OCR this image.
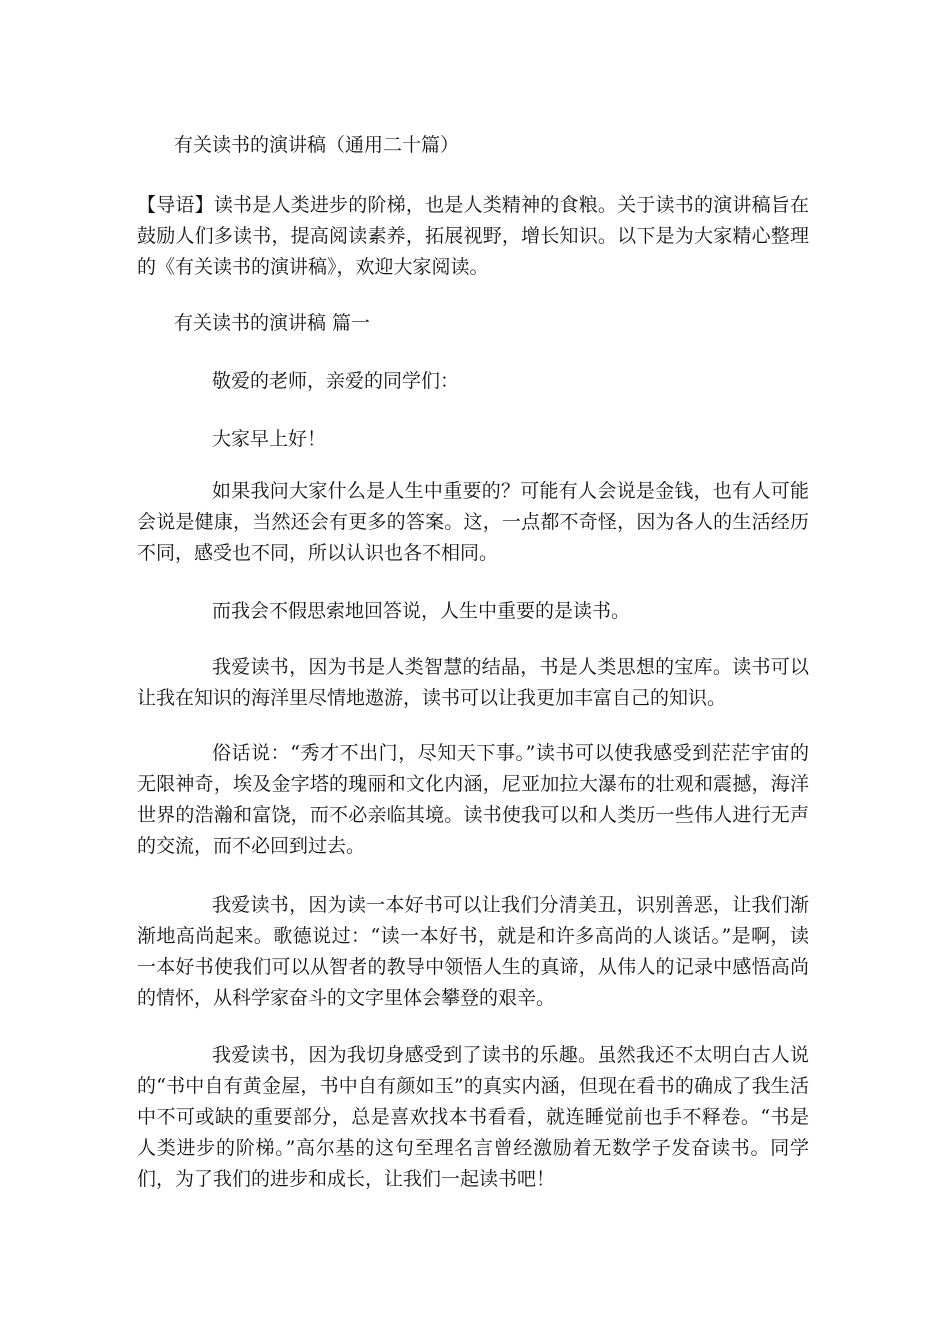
有关读书的演讲稿（通用二十篇）

【导语】读书是人类进步的阶梯，也是人类精神的食粮。关于读书的演讲稿旨在鼓励人们多读书，提高阅读素养，拓展视野，增长知识。以下是为大家精心整理的《有关读书的演讲稿》，欢迎大家阅读。

有关读书的演讲稿 篇一

敬爱的老师，亲爱的同学们：

大家早上好！

如果我问大家什么是人生中重要的？可能有人会说是金钱，也有人可能会说是健康，当然还会有更多的答案。这，一点都不奇怪，因为各人的生活经历不同，感受也不同，所以认识也各不相同。

而我会不假思索地回答说，人生中重要的是读书。

我爱读书，因为书是人类智慧的结晶，书是人类思想的宝库。读书可以让我在知识的海洋里尽情地遨游，读书可以让我更加丰富自己的知识。

俗话说：“秀才不出门，尽知天下事。”读书可以使我感受到茫茫宇宙的无限神奇，埃及金字塔的瑰丽和文化内涵，尼亚加拉大瀑布的壮观和震撼，海洋世界的浩瀚和富饶，而不必亲临其境。读书使我可以和人类历一些伟人进行无声的交流，而不必回到过去。

我爱读书，因为读一本好书可以让我们分清美丑，识别善恶，让我们渐渐地高尚起来。歌德说过：“读一本好书，就是和许多高尚的人谈话。”是啊，读一本好书使我们可以从智者的教导中领悟人生的真谛，从伟人的记录中感悟高尚的情怀，从科学家奋斗的文字里体会攀登的艰辛。

我爱读书，因为我切身感受到了读书的乐趣。虽然我还不太明白古人说的“书中自有黄金屋，书中自有颜如玉”的真实内涵，但现在看书的确成了我生活中不可或缺的重要部分，总是喜欢找本书看看，就连睡觉前也手不释卷。“书是人类进步的阶梯。”高尔基的这句至理名言曾经激励着无数学子发奋读书。同学们，为了我们的进步和成长，让我们一起读书吧！
